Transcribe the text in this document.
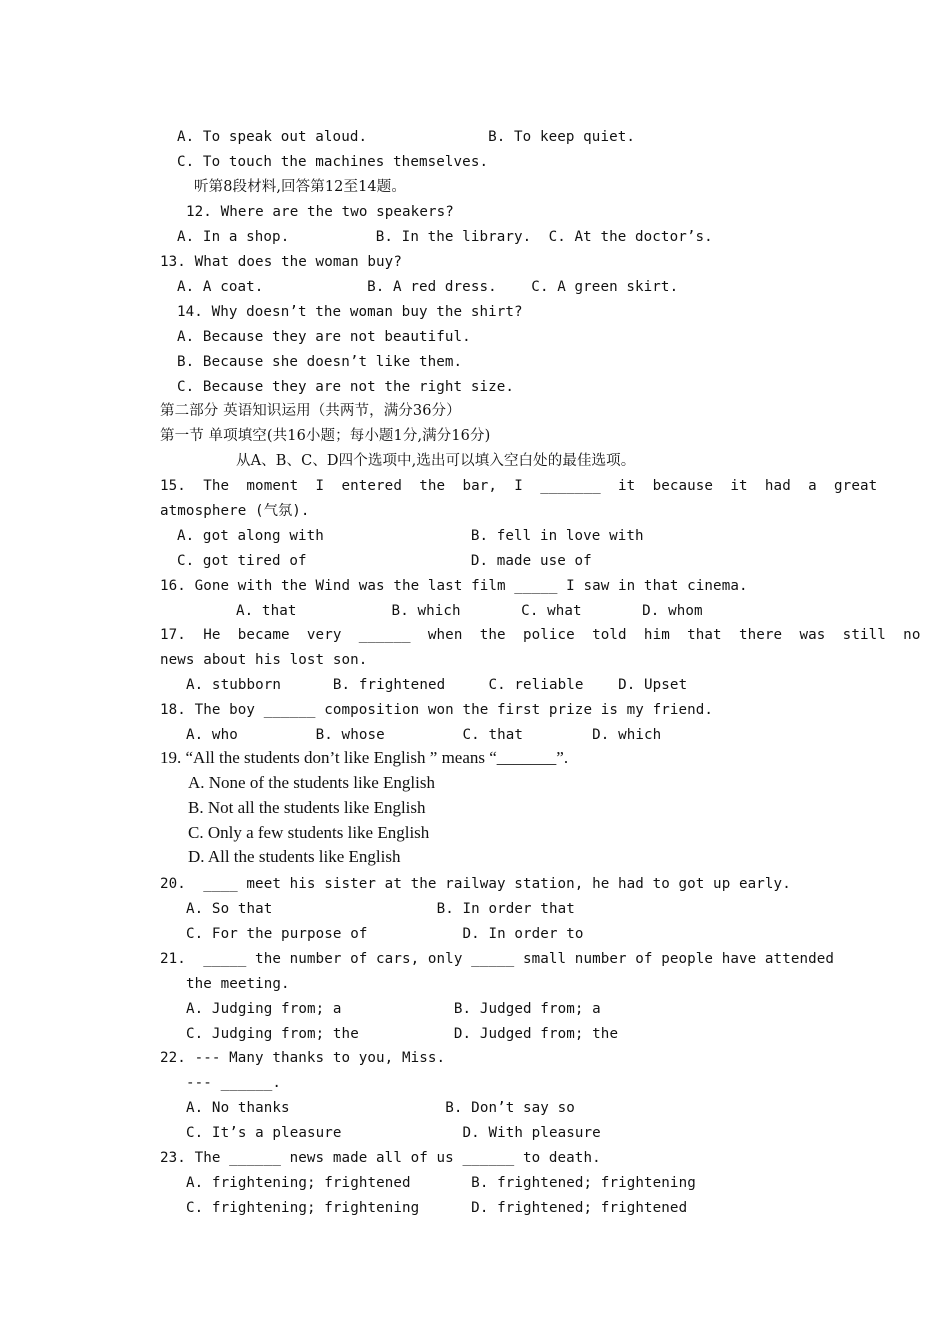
A. To speak out aloud.              B. To keep quiet.
C. To touch the machines themselves.
听第8段材料,回答第12至14题。
12. Where are the two speakers?
A. In a shop.          B. In the library.  C. At the doctor’s.
13. What does the woman buy?
A. A coat.            B. A red dress.    C. A green skirt.
14. Why doesn’t the woman buy the shirt?
A. Because they are not beautiful.
B. Because she doesn’t like them.
C. Because they are not the right size.
第二部分 英语知识运用（共两节，满分36分）
第一节 单项填空(共16小题；每小题1分,满分16分)
从A、B、C、D四个选项中,选出可以填入空白处的最佳选项。
15.  The  moment  I  entered  the  bar,  I  _______  it  because  it  had  a  great
atmosphere (气氛).
A. got along with                 B. fell in love with
C. got tired of                   D. made use of
16. Gone with the Wind was the last film _____ I saw in that cinema.
A. that           B. which       C. what       D. whom
17.  He  became  very  ______  when  the  police  told  him  that  there  was  still  no
news about his lost son.
A. stubborn      B. frightened     C. reliable    D. Upset
18. The boy ______ composition won the first prize is my friend.
A. who         B. whose         C. that        D. which
19. “All the students don’t like English ” means “_______”.
A. None of the students like English
B. Not all the students like English
C. Only a few students like English
D. All the students like English
20.  ____ meet his sister at the railway station, he had to got up early.
A. So that                   B. In order that
C. For the purpose of           D. In order to
21.  _____ the number of cars, only _____ small number of people have attended
the meeting.
A. Judging from; a             B. Judged from; a
C. Judging from; the           D. Judged from; the
22. --- Many thanks to you, Miss.
--- ______.
A. No thanks                  B. Don’t say so
C. It’s a pleasure              D. With pleasure
23. The ______ news made all of us ______ to death.
A. frightening; frightened       B. frightened; frightening
C. frightening; frightening      D. frightened; frightened
